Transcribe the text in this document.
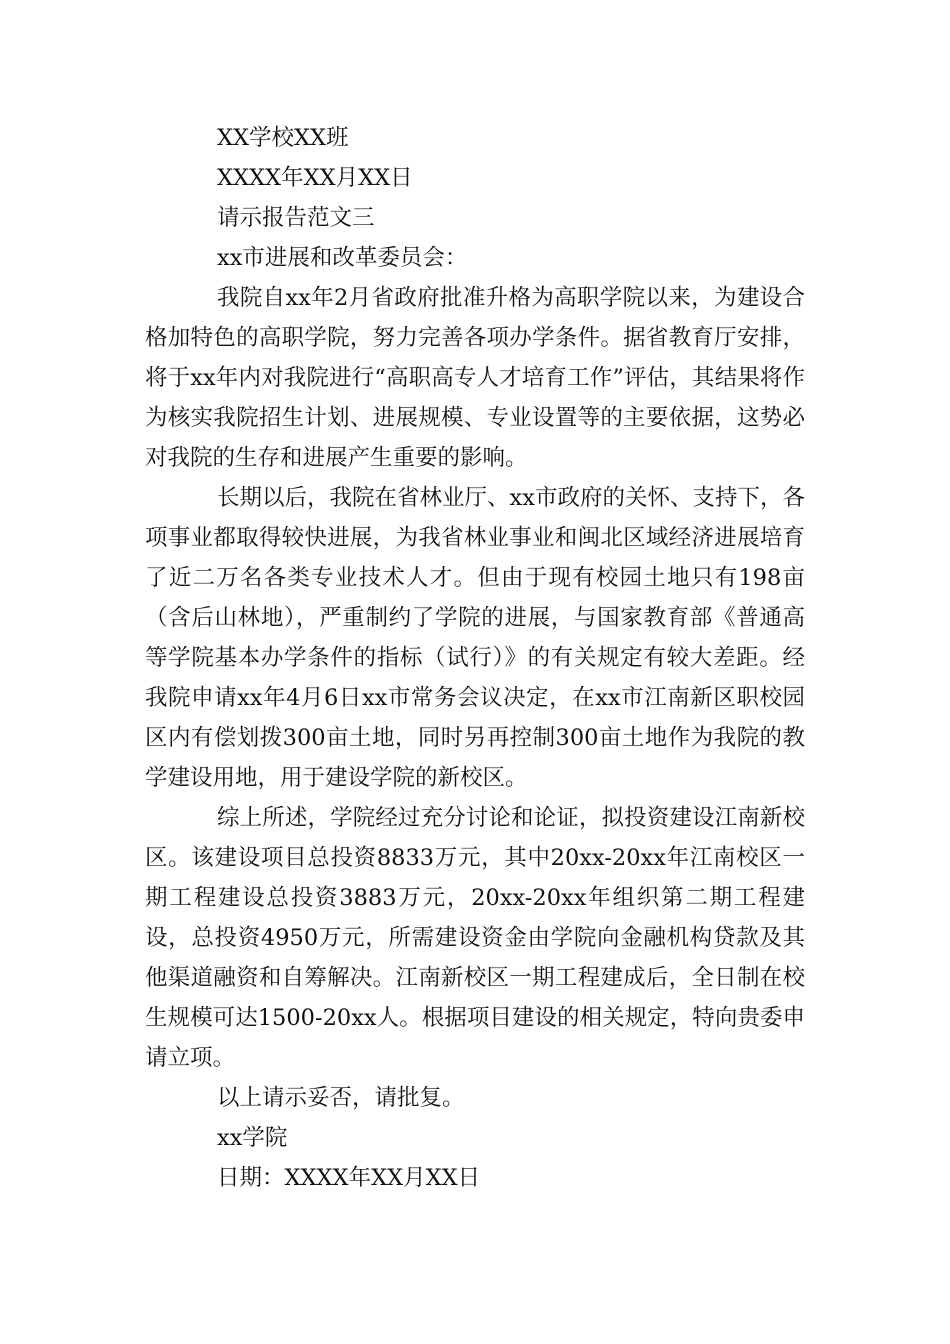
XX学校XX班
XXXX年XX月XX日
请示报告范文三
xx市进展和改革委员会：

我院自xx年2月省政府批准升格为高职学院以来，为建设合格加特色的高职学院，努力完善各项办学条件。据省教育厅安排，将于xx年内对我院进行“高职高专人才培育工作”评估，其结果将作为核实我院招生计划、进展规模、专业设置等的主要依据，这势必对我院的生存和进展产生重要的影响。

长期以后，我院在省林业厅、xx市政府的关怀、支持下，各项事业都取得较快进展，为我省林业事业和闽北区域经济进展培育了近二万名各类专业技术人才。但由于现有校园土地只有198亩（含后山林地），严重制约了学院的进展，与国家教育部《普通高等学院基本办学条件的指标（试行）》的有关规定有较大差距。经我院申请xx年4月6日xx市常务会议决定，在xx市江南新区职校园区内有偿划拨300亩土地，同时另再控制300亩土地作为我院的教学建设用地，用于建设学院的新校区。

综上所述，学院经过充分讨论和论证，拟投资建设江南新校区。该建设项目总投资8833万元，其中20xx-20xx年江南校区一期工程建设总投资3883万元，20xx-20xx年组织第二期工程建设，总投资4950万元，所需建设资金由学院向金融机构贷款及其他渠道融资和自筹解决。江南新校区一期工程建成后，全日制在校生规模可达1500-20xx人。根据项目建设的相关规定，特向贵委申请立项。

以上请示妥否，请批复。
xx学院
日期：XXXX年XX月XX日
